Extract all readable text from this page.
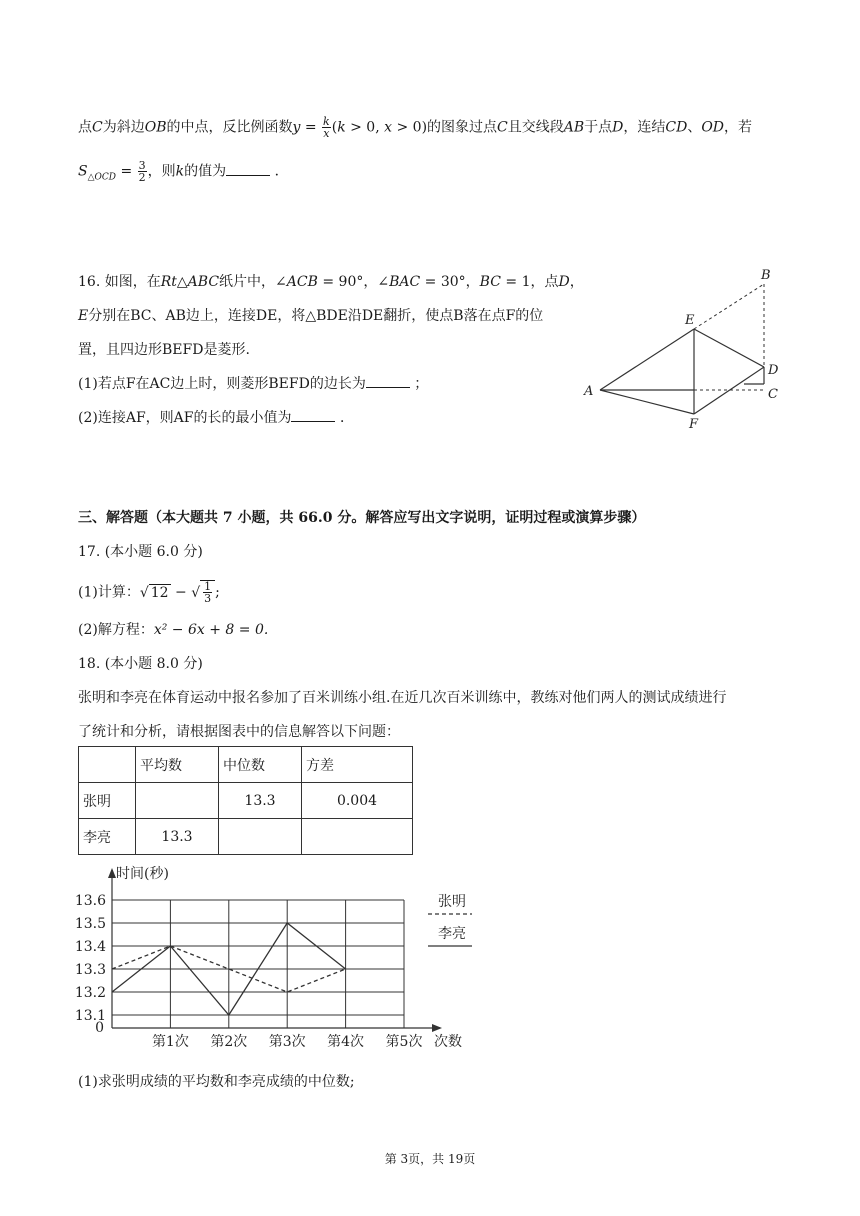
点C为斜边OB的中点，反比例函数$y = \frac{k}{x} (k > 0$, x > 0)的图象过点C且交线段AB于点D，连结CD、OD，若
$S_{\triangle OCD} = \frac{3}{2}$ ，则k的值为	．
16. 如图，在Rt△ABC纸片中，∠ACB = 90°，∠BAC = 30°，BC = 1，点D，
E分别在BC、AB边上，连接DE，将△BDE沿DE翻折，使点B落在点F的位
置，且四边形BEFD是菱形.
(1)若点F在AC边上时，则菱形BEFD的边长为	；
(2)连接AF，则AF的长的最小值为	．
B
E
D
A	C
F
三、解答题（本大题共 7 小题，共 66.0 分。解答应写出文字说明，证明过程或演算步骤）
17. (本小题 6.0 分)
(1)计算：√ 12 − √ $\frac{1}{3}$ ;
(2)解方程：x² − 6x + 8 = 0.
18. (本小题 8.0 分)
张明和李亮在体育运动中报名参加了百米训练小组.在近几次百米训练中，教练对他们两人的测试成绩进行
了统计和分析，请根据图表中的信息解答以下问题：
	平均数	中位数	方差
张明		13.3	0.004
李亮	13.3		
13.6
13.5
13.4
13.3
13.2
13.1
0
时间(秒)
次数
第1次 第2次 第3次 第4次 第5次
张明
李亮
(1)求张明成绩的平均数和李亮成绩的中位数;
第 3页，共 19页
